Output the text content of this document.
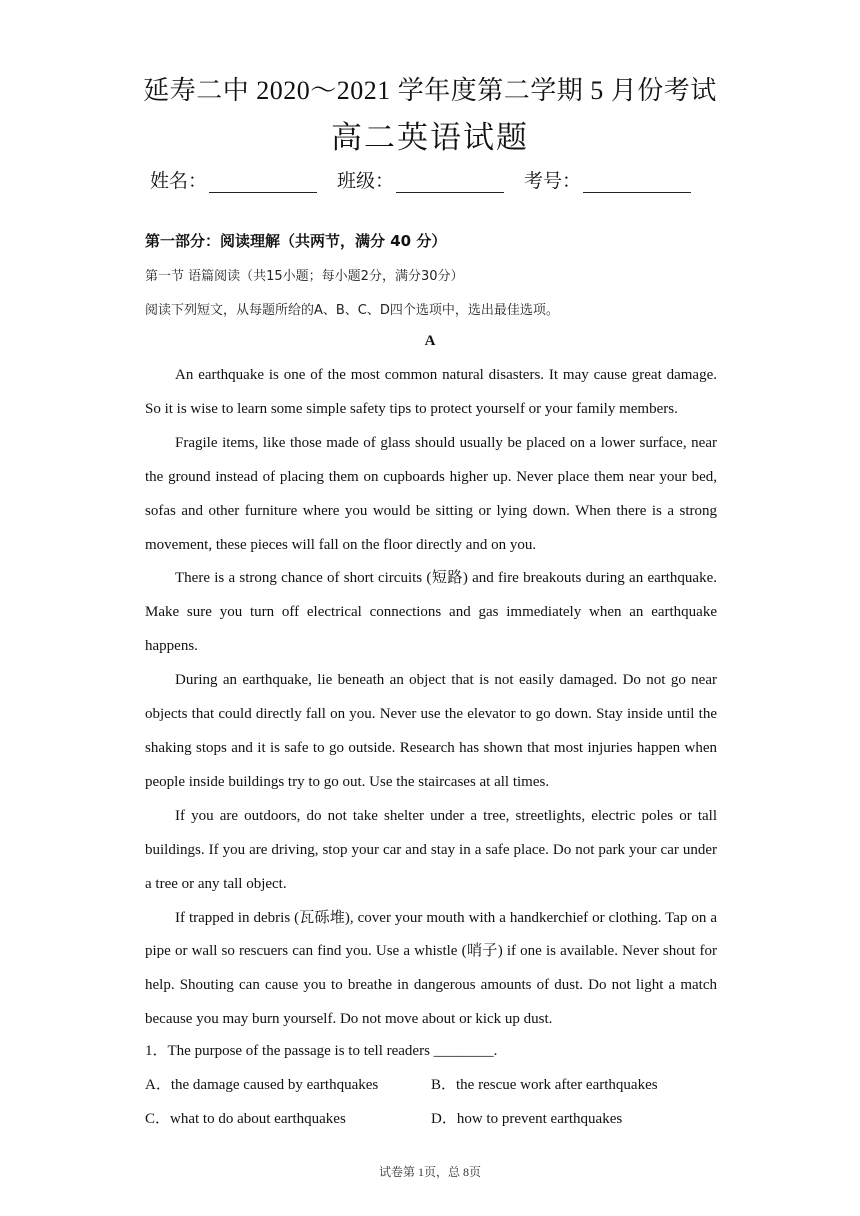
延寿二中 2020～2021 学年度第二学期 5 月份考试
高二英语试题
姓名：	班级：	考号：
第一部分：阅读理解（共两节，满分 40 分）
第一节 语篇阅读（共15小题；每小题2分，满分30分）
阅读下列短文，从每题所给的A、B、C、D四个选项中，选出最佳选项。
A

An earthquake is one of the most common natural disasters. It may cause great damage. So it is wise to learn some simple safety tips to protect yourself or your family members.

Fragile items, like those made of glass should usually be placed on a lower surface, near the ground instead of placing them on cupboards higher up. Never place them near your bed, sofas and other furniture where you would be sitting or lying down. When there is a strong movement, these pieces will fall on the floor directly and on you.

There is a strong chance of short circuits (短路) and fire breakouts during an earthquake. Make sure you turn off electrical connections and gas immediately when an earthquake happens.

During an earthquake, lie beneath an object that is not easily damaged. Do not go near objects that could directly fall on you. Never use the elevator to go down. Stay inside until the shaking stops and it is safe to go outside. Research has shown that most injuries happen when people inside buildings try to go out. Use the staircases at all times.

If you are outdoors, do not take shelter under a tree, streetlights, electric poles or tall buildings. If you are driving, stop your car and stay in a safe place. Do not park your car under a tree or any tall object.

If trapped in debris (瓦砾堆), cover your mouth with a handkerchief or clothing. Tap on a pipe or wall so rescuers can find you. Use a whistle (哨子) if one is available. Never shout for help. Shouting can cause you to breathe in dangerous amounts of dust. Do not light a match because you may burn yourself. Do not move about or kick up dust.

1．The purpose of the passage is to tell readers ________.

A．the damage caused by earthquakes	B．the rescue work after earthquakes
C．what to do about earthquakes	D．how to prevent earthquakes
试卷第 1页，总 8页
